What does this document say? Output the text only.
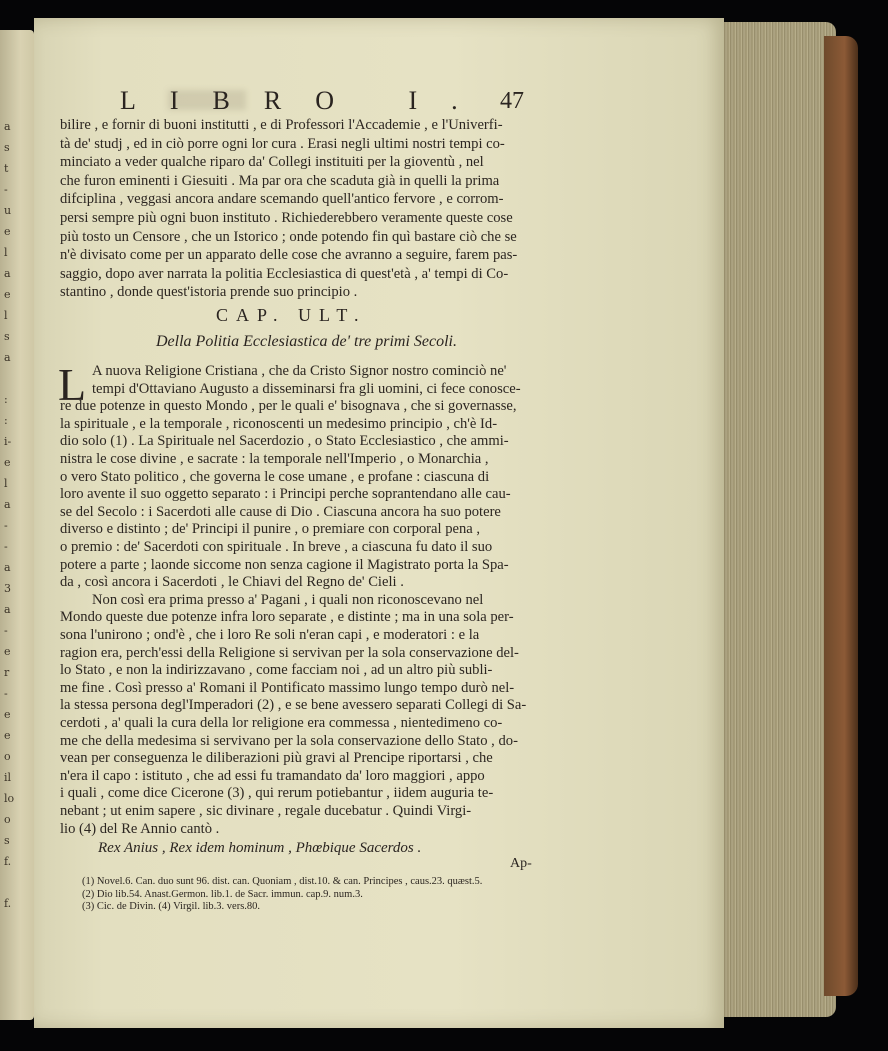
a
s
t
-
u
e
l
a
e
l
s
a
:
:
i-
e
l
a
-
-
a
3
a
-
e
r
-
e
e
o
il
lo
o
s
f.
f.
LIBRO I. 47
bilire , e fornir di buoni institutti , e di Professori l'Accademie , e l'Univerfi-
tà de' studj , ed in ciò porre ogni lor cura . Erasi negli ultimi nostri tempi co-
minciato a veder qualche riparo da' Collegi instituiti per la gioventù , nel
che furon eminenti i Giesuiti . Ma par ora che scaduta già in quelli la prima
difciplina , veggasi ancora andare scemando quell'antico fervore , e corrom-
persi sempre più ogni buon instituto . Richiederebbero veramente queste cose
più tosto un Censore , che un Istorico ; onde potendo fin quì bastare ciò che se
n'è divisato come per un apparato delle cose che avranno a seguire, farem pas-
saggio, dopo aver narrata la politia Ecclesiastica di quest'età , a' tempi di Co-
stantino , donde quest'istoria prende suo principio .
CAP. ULT.
Della Politia Ecclesiastica de' tre primi Secoli.
L A nuova Religione Cristiana , che da Cristo Signor nostro cominciò ne'
tempi d'Ottaviano Augusto a disseminarsi fra gli uomini, ci fece conosce-
re due potenze in questo Mondo , per le quali e' bisognava , che si governasse,
la spirituale , e la temporale , riconoscenti un medesimo principio , ch'è Id-
dio solo (1) . La Spirituale nel Sacerdozio , o Stato Ecclesiastico , che ammi-
nistra le cose divine , e sacrate : la temporale nell'Imperio , o Monarchia ,
o vero Stato politico , che governa le cose umane , e profane : ciascuna di
loro avente il suo oggetto separato : i Principi perche soprantendano alle cau-
se del Secolo : i Sacerdoti alle cause di Dio . Ciascuna ancora ha suo potere
diverso e distinto ; de' Principi il punire , o premiare con corporal pena ,
o premio : de' Sacerdoti con spirituale . In breve , a ciascuna fu dato il suo
potere a parte ; laonde siccome non senza cagione il Magistrato porta la Spa-
da , così ancora i Sacerdoti , le Chiavi del Regno de' Cieli .
Non così era prima presso a' Pagani , i quali non riconoscevano nel
Mondo queste due potenze infra loro separate , e distinte ; ma in una sola per-
sona l'unirono ; ond'è , che i loro Re soli n'eran capi , e moderatori : e la
ragion era, perch'essi della Religione si servivan per la sola conservazione del-
lo Stato , e non la indirizzavano , come facciam noi , ad un altro più subli-
me fine . Così presso a' Romani il Pontificato massimo lungo tempo durò nel-
la stessa persona degl'Imperadori (2) , e se bene avessero separati Collegi di Sa-
cerdoti , a' quali la cura della lor religione era commessa , nientedimeno co-
me che della medesima si servivano per la sola conservazione dello Stato , do-
vean per conseguenza le diliberazioni più gravi al Prencipe riportarsi , che
n'era il capo : istituto , che ad essi fu tramandato da' loro maggiori , appo
i quali , come dice Cicerone (3) , qui rerum potiebantur , iidem auguria te-
nebant ; ut enim sapere , sic divinare , regale ducebatur . Quindi Virgi-
lio (4) del Re Annio cantò .
Rex Anius , Rex idem hominum , Phœbique Sacerdos .
Ap-
(1) Novel.6. Can. duo sunt 96. dist. can. Quoniam , dist.10. & can. Principes , caus.23. quæst.5.
(2) Dio lib.54. Anast.Germon. lib.1. de Sacr. immun. cap.9. num.3.
(3) Cic. de Divin. (4) Virgil. lib.3. vers.80.
